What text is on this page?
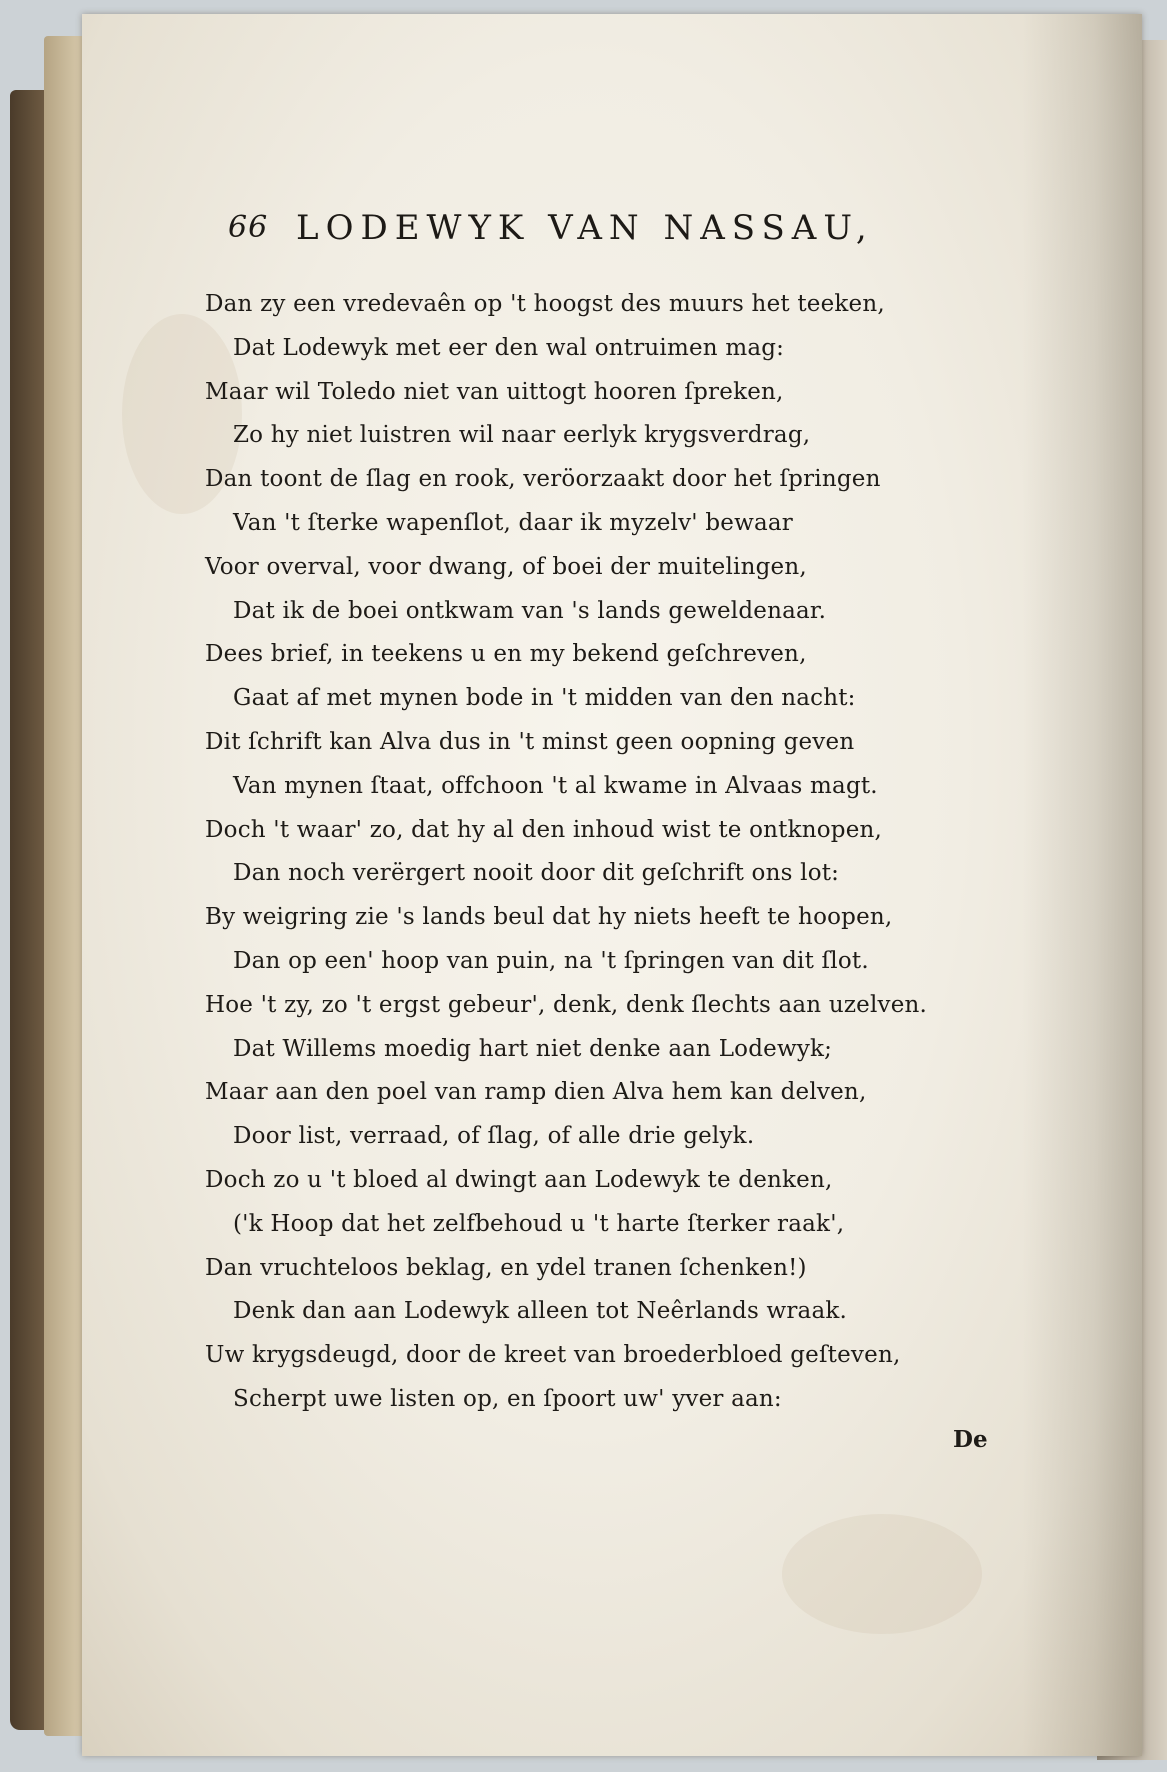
66 LODEWYK VAN NASSAU,
Dan zy een vredevaên op 't hoogst des muurs het teeken,
Dat Lodewyk met eer den wal ontruimen mag:
Maar wil Toledo niet van uittogt hooren ſpreken,
Zo hy niet luistren wil naar eerlyk krygsverdrag,
Dan toont de ſlag en rook, veröorzaakt door het ſpringen
Van 't ſterke wapenſlot, daar ik myzelv' bewaar
Voor overval, voor dwang, of boei der muitelingen,
Dat ik de boei ontkwam van 's lands geweldenaar.
Dees brief, in teekens u en my bekend geſchreven,
Gaat af met mynen bode in 't midden van den nacht:
Dit ſchrift kan Alva dus in 't minst geen oopning geven
Van mynen ſtaat, offchoon 't al kwame in Alvaas magt.
Doch 't waar' zo, dat hy al den inhoud wist te ontknopen,
Dan noch verërgert nooit door dit geſchrift ons lot:
By weigring zie 's lands beul dat hy niets heeft te hoopen,
Dan op een' hoop van puin, na 't ſpringen van dit ſlot.
Hoe 't zy, zo 't ergst gebeur', denk, denk ſlechts aan uzelven.
Dat Willems moedig hart niet denke aan Lodewyk;
Maar aan den poel van ramp dien Alva hem kan delven,
Door list, verraad, of ſlag, of alle drie gelyk.
Doch zo u 't bloed al dwingt aan Lodewyk te denken,
('k Hoop dat het zelfbehoud u 't harte ſterker raak',
Dan vruchteloos beklag, en ydel tranen ſchenken!)
Denk dan aan Lodewyk alleen tot Neêrlands wraak.
Uw krygsdeugd, door de kreet van broederbloed geſteven,
Scherpt uwe listen op, en ſpoort uw' yver aan:
De
